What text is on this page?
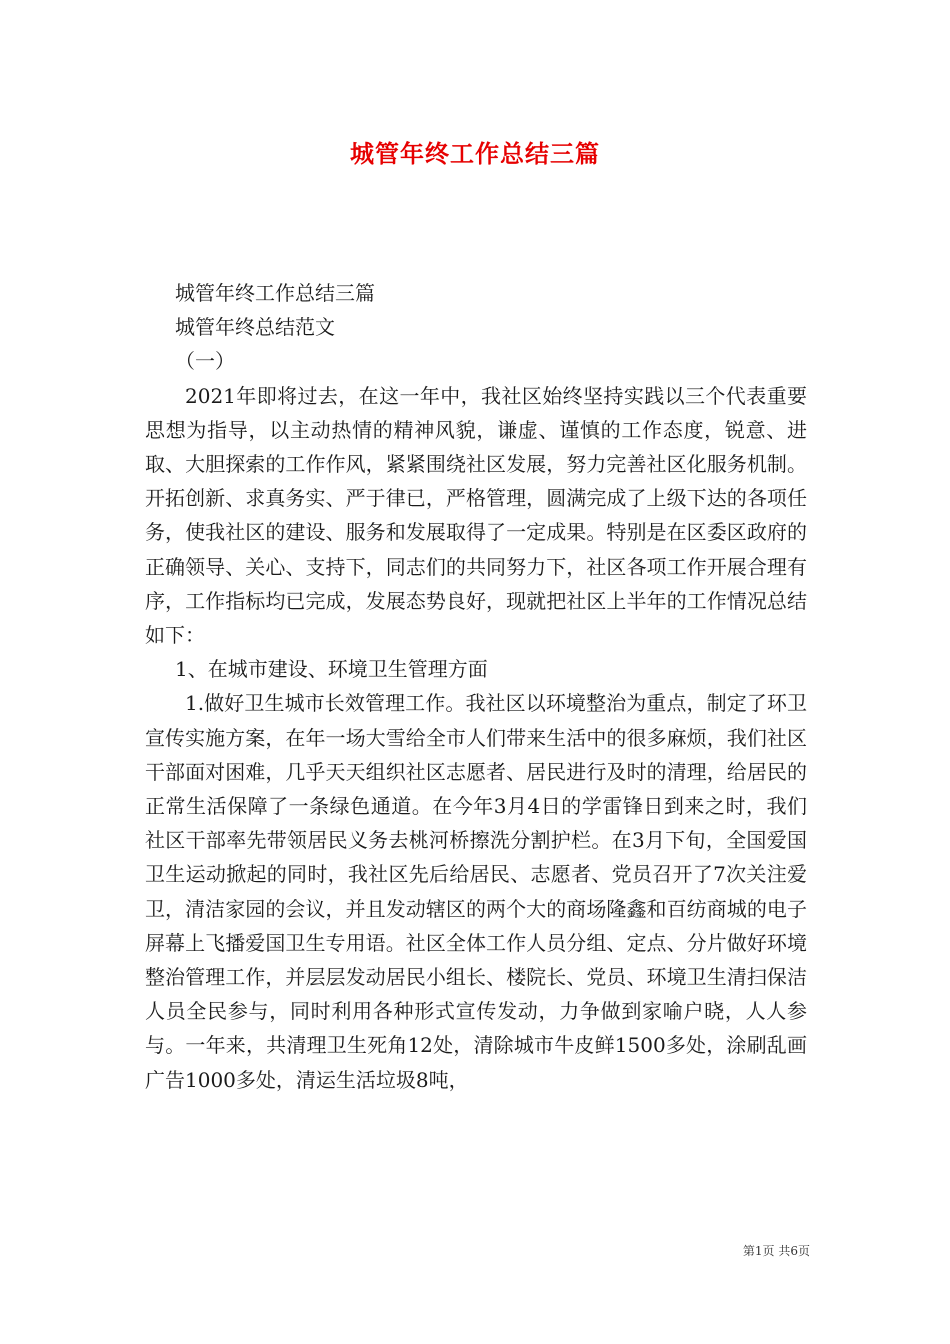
城管年终工作总结三篇

城管年终工作总结三篇

城管年终总结范文

（一）

2021年即将过去，在这一年中，我社区始终坚持实践以三个代表重要思想为指导，以主动热情的精神风貌，谦虚、谨慎的工作态度，锐意、进取、大胆探索的工作作风，紧紧围绕社区发展，努力完善社区化服务机制。开拓创新、求真务实、严于律已，严格管理，圆满完成了上级下达的各项任务，使我社区的建设、服务和发展取得了一定成果。特别是在区委区政府的正确领导、关心、支持下，同志们的共同努力下，社区各项工作开展合理有序，工作指标均已完成，发展态势良好，现就把社区上半年的工作情况总结如下：

1、在城市建设、环境卫生管理方面

1.做好卫生城市长效管理工作。我社区以环境整治为重点，制定了环卫宣传实施方案，在年一场大雪给全市人们带来生活中的很多麻烦，我们社区干部面对困难，几乎天天组织社区志愿者、居民进行及时的清理，给居民的正常生活保障了一条绿色通道。在今年3月4日的学雷锋日到来之时，我们社区干部率先带领居民义务去桃河桥擦洗分割护栏。在3月下旬，全国爱国卫生运动掀起的同时，我社区先后给居民、志愿者、党员召开了7次关注爱卫，清洁家园的会议，并且发动辖区的两个大的商场隆鑫和百纺商城的电子屏幕上飞播爱国卫生专用语。社区全体工作人员分组、定点、分片做好环境整治管理工作，并层层发动居民小组长、楼院长、党员、环境卫生清扫保洁人员全民参与，同时利用各种形式宣传发动，力争做到家喻户晓，人人参与。一年来，共清理卫生死角12处，清除城市牛皮鲜1500多处，涂刷乱画广告1000多处，清运生活垃圾8吨，

第1页 共6页
